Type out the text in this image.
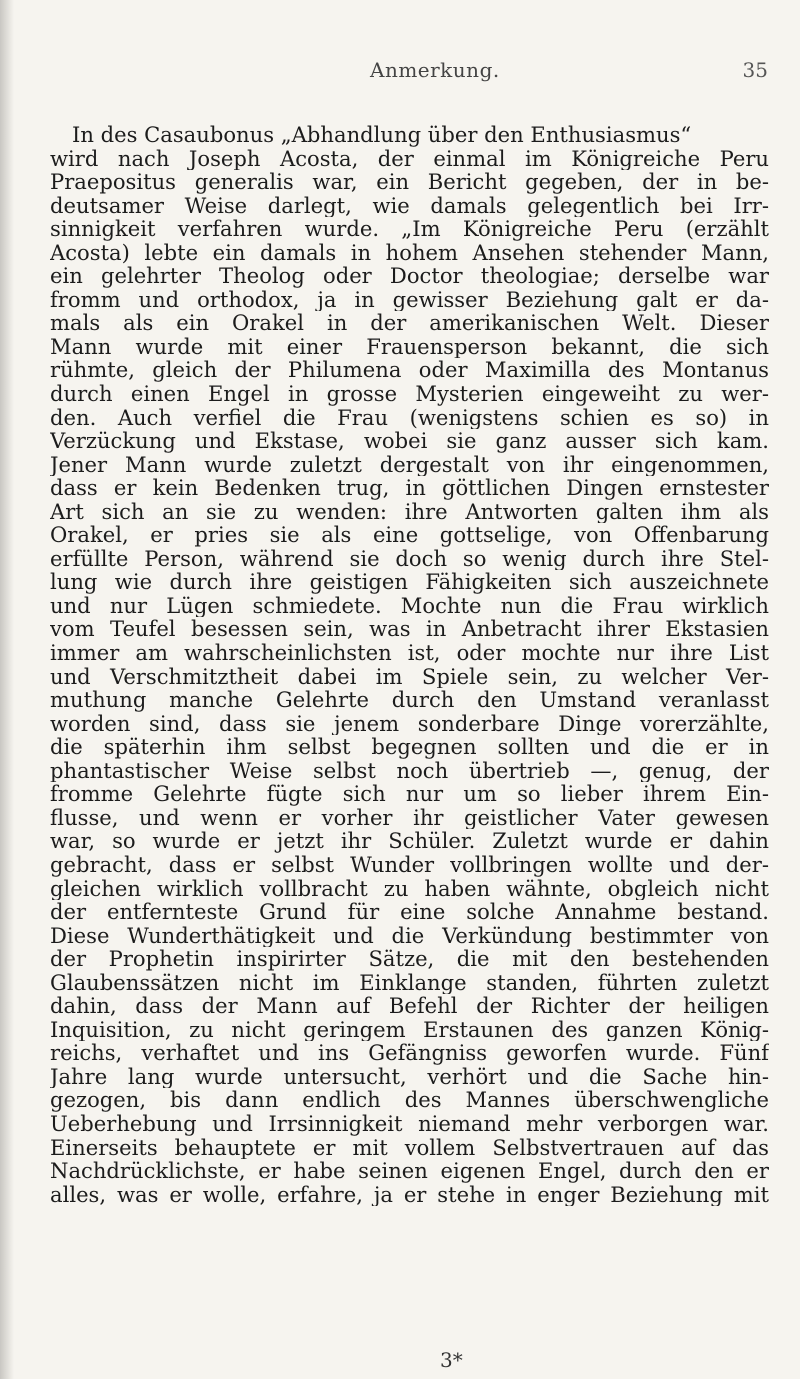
Anmerkung.	35
In des Casaubonus „Abhandlung über den Enthusiasmus“
wird nach Joseph Acosta, der einmal im Königreiche Peru
Praepositus generalis war, ein Bericht gegeben, der in be-
deutsamer Weise darlegt, wie damals gelegentlich bei Irr-
sinnigkeit verfahren wurde. „Im Königreiche Peru (erzählt
Acosta) lebte ein damals in hohem Ansehen stehender Mann,
ein gelehrter Theolog oder Doctor theologiae; derselbe war
fromm und orthodox, ja in gewisser Beziehung galt er da-
mals als ein Orakel in der amerikanischen Welt. Dieser
Mann wurde mit einer Frauensperson bekannt, die sich
rühmte, gleich der Philumena oder Maximilla des Montanus
durch einen Engel in grosse Mysterien eingeweiht zu wer-
den. Auch verfiel die Frau (wenigstens schien es so) in
Verzückung und Ekstase, wobei sie ganz ausser sich kam.
Jener Mann wurde zuletzt dergestalt von ihr eingenommen,
dass er kein Bedenken trug, in göttlichen Dingen ernstester
Art sich an sie zu wenden: ihre Antworten galten ihm als
Orakel, er pries sie als eine gottselige, von Offenbarung
erfüllte Person, während sie doch so wenig durch ihre Stel-
lung wie durch ihre geistigen Fähigkeiten sich auszeichnete
und nur Lügen schmiedete. Mochte nun die Frau wirklich
vom Teufel besessen sein, was in Anbetracht ihrer Ekstasien
immer am wahrscheinlichsten ist, oder mochte nur ihre List
und Verschmitztheit dabei im Spiele sein, zu welcher Ver-
muthung manche Gelehrte durch den Umstand veranlasst
worden sind, dass sie jenem sonderbare Dinge vorerzählte,
die späterhin ihm selbst begegnen sollten und die er in
phantastischer Weise selbst noch übertrieb —, genug, der
fromme Gelehrte fügte sich nur um so lieber ihrem Ein-
flusse, und wenn er vorher ihr geistlicher Vater gewesen
war, so wurde er jetzt ihr Schüler. Zuletzt wurde er dahin
gebracht, dass er selbst Wunder vollbringen wollte und der-
gleichen wirklich vollbracht zu haben wähnte, obgleich nicht
der entfernteste Grund für eine solche Annahme bestand.
Diese Wunderthätigkeit und die Verkündung bestimmter von
der Prophetin inspirirter Sätze, die mit den bestehenden
Glaubenssätzen nicht im Einklange standen, führten zuletzt
dahin, dass der Mann auf Befehl der Richter der heiligen
Inquisition, zu nicht geringem Erstaunen des ganzen König-
reichs, verhaftet und ins Gefängniss geworfen wurde. Fünf
Jahre lang wurde untersucht, verhört und die Sache hin-
gezogen, bis dann endlich des Mannes überschwengliche
Ueberhebung und Irrsinnigkeit niemand mehr verborgen war.
Einerseits behauptete er mit vollem Selbstvertrauen auf das
Nachdrücklichste, er habe seinen eigenen Engel, durch den er
alles, was er wolle, erfahre, ja er stehe in enger Beziehung mit
3*
